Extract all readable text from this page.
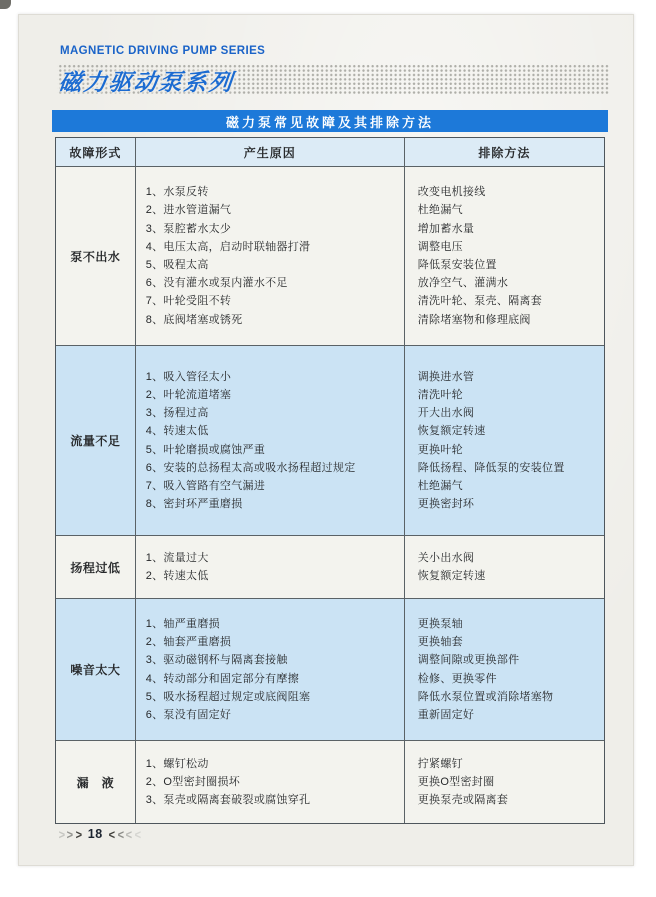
MAGNETIC DRIVING PUMP SERIES
磁力驱动泵系列
磁力泵常见故障及其排除方法
故障形式	产生原因	排除方法
泵不出水
1、水泵反转
2、进水管道漏气
3、泵腔蓄水太少
4、电压太高，启动时联轴器打滑
5、吸程太高
6、没有灌水或泵内灌水不足
7、叶轮受阻不转
8、底阀堵塞或锈死
改变电机接线
杜绝漏气
增加蓄水量
调整电压
降低泵安装位置
放净空气、灌满水
清洗叶轮、泵壳、隔离套
清除堵塞物和修理底阀
流量不足
1、吸入管径太小
2、叶轮流道堵塞
3、扬程过高
4、转速太低
5、叶轮磨损或腐蚀严重
6、安装的总扬程太高或吸水扬程超过规定
7、吸入管路有空气漏进
8、密封环严重磨损
调换进水管
清洗叶轮
开大出水阀
恢复额定转速
更换叶轮
降低扬程、降低泵的安装位置
杜绝漏气
更换密封环
扬程过低
1、流量过大
2、转速太低
关小出水阀
恢复额定转速
噪音太大
1、轴严重磨损
2、轴套严重磨损
3、驱动磁钢杯与隔离套接触
4、转动部分和固定部分有摩擦
5、吸水扬程超过规定或底阀阻塞
6、泵没有固定好
更换泵轴
更换轴套
调整间隙或更换部件
检修、更换零件
降低水泵位置或消除堵塞物
重新固定好
漏　液
1、螺钉松动
2、O型密封圈损坏
3、泵壳或隔离套破裂或腐蚀穿孔
拧紧螺钉
更换O型密封圈
更换泵壳或隔离套
> > > 18 < < < <
